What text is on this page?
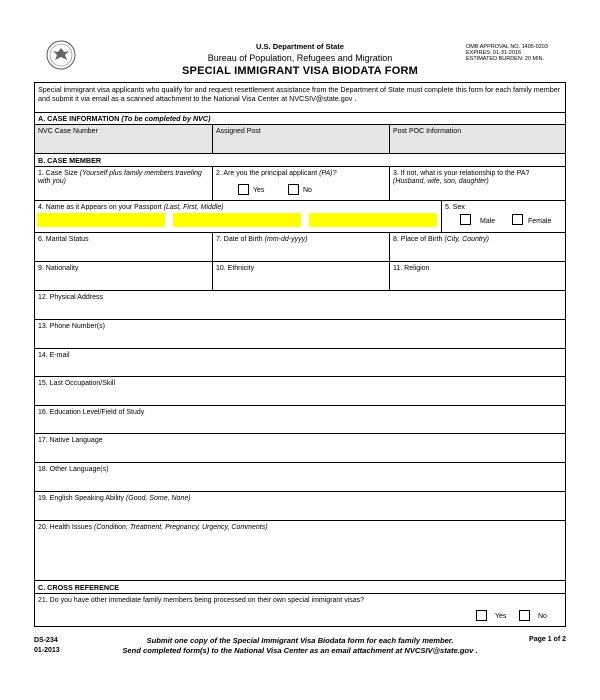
U.S. Department of State
Bureau of Population, Refugees and Migration
SPECIAL IMMIGRANT VISA BIODATA FORM
OMB APPROVAL NO. 1405-0203
EXPIRES: 01-31-2016
ESTIMATED BURDEN: 20 MIN.
Special immigrant visa applicants who qualify for and request resettlement assistance from the Department of State must complete this form for each family member and submit it via email as a scanned attachment to the National Visa Center at NVCSIV@state.gov .
A. CASE INFORMATION (To be completed by NVC)
NVC Case Number	Assigned Post	Post POC Information
B. CASE MEMBER
1. Case Size (Yourself plus family members traveling with you)
2. Are you the principal applicant (PA)?
Yes	No
3. If not, what is your relationship to the PA?
(Husband, wife, son, daughter)
4. Name as it Appears on your Passport (Last, First, Middle)	5. Sex
Male	Female
6. Marital Status	7. Date of Birth (mm-dd-yyyy)	8. Place of Birth (City, Country)
9. Nationality	10. Ethnicity	11. Religion
12. Physical Address
13. Phone Number(s)
14. E-mail
15. Last Occupation/Skill
16. Education Level/Field of Study
17. Native Language
18. Other Language(s)
19. English Speaking Ability (Good, Some, None)
20. Health Issues (Condition, Treatment, Pregnancy, Urgency, Comments)
C. CROSS REFERENCE
21. Do you have other immediate family members being processed on their own special immigrant visas?
Yes	No
DS-234
01-2013
Submit one copy of the Special Immigrant Visa Biodata form for each family member.
Send completed form(s) to the National Visa Center as an email attachment at NVCSIV@state.gov .
Page 1 of 2
